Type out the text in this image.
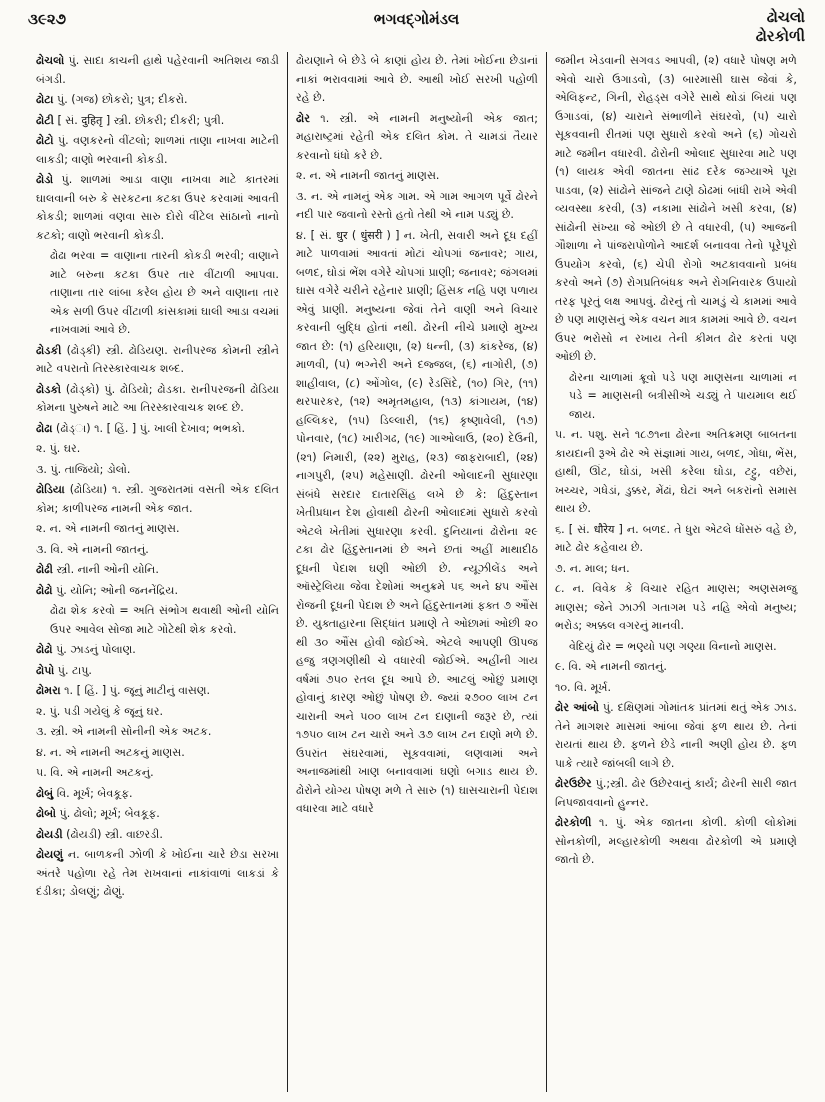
૩૯૨૭	ભગવદ્ગોમંડલ	ઢોચલો
ઢોરકોળી

ઢોચલો પું. સાદા કાચની હાથે પહેરવાની અતિશય જાડી બંગડી.

ઢોટા પું. (ગજ) છોકરો; પુત્ર; દીકરો.

ઢોટી [ સં. दुहितृ ] સ્ત્રી. છોકરી; દીકરી; પુત્રી.

ઢોટો પું. વણકરનો વીંટલો; શાળમાં તાણા નાખવા માટેની લાકડી; વાણો ભરવાની કોકડી.

ઢોડો પું. શાળમાં આડા વાણા નાખવા માટે કાતરમાં ઘાલવાની બરુ કે સરકટના કટકા ઉપર કરવામાં આવતી કોકડી; શાળમાં વણવા સારુ દોરો વીંટેલ સાંઠાનો નાનો કટકો; વાણો ભરવાની કોકડી.

ઢોઢા ભરવા = વાણાના તારની કોકડી ભરવી; વાણાને માટે બરુના કટકા ઉપર તાર વીંટાળી આપવા. તાણાના તાર લાંબા કરેલ હોય છે અને વાણાના તાર એક સળી ઉપર વીંટાળી કાંસકામાં ઘાલી આડા વચમાં નાખવામાં આવે છે.

ઢોડકી (ઢોડ્કી) સ્ત્રી. ઢોડિયણ. રાનીપરજ કોમની સ્ત્રીને માટે વપરાતો તિરસ્કારવાચક શબ્દ.

ઢોડકો (ઢોડ્કો) પું. ઢોડિયો; ઢોડકા. રાનીપરજની ઢોડિયા કોમના પુરુષને માટે આ તિરસ્કારવાચક શબ્દ છે.

ઢોઢા (ઢોડ્ા) ૧. [ હિં. ] પું. ખાલી દેખાવ; ભભકો.

૨. પું. ઘર.

૩. પું. તાજિયો; ડોલો.

ઢોડિયા (ઢોડિયા) ૧. સ્ત્રી. ગુજરાતમાં વસતી એક દલિત કોમ; કાળીપરજ નામની એક જાત.

૨. ન. એ નામની જાતનું માણસ.

૩. વિ. એ નામની જાતનું.

ઢોઢી સ્ત્રી. નાની ઓની યોનિ.

ઢોઢો પું. યોનિ; ઓની જનનેંદ્રિય.

ઢોઢા શેક કરવો = અતિ સંભોગ થવાથી ઓની યોનિ ઉપર આવેલ સોજા માટે ગોટેથી શેક કરવો.

ઢોઢો પું. ઝાડનું પોલાણ.

ઢોપો પું. ટાપુ.

ઢોમરા ૧. [ હિં. ] પું. જૂનું માટીનું વાસણ.

૨. પું. પડી ગયેલું કે જૂનું ઘર.

૩. સ્ત્રી. એ નામની સોનીની એક અટક.

૪. ન. એ નામની અટકનું માણસ.

૫. વિ. એ નામની અટકનું.

ઢોબું વિ. મૂર્ખ; બેવકૂફ.

ઢોબો પું. ઢોલો; મૂર્ખ; બેવકૂફ.

ઢોયડી (ઢોયડી) સ્ત્રી. વાછરડી.

ઢોયણું ન. બાળકની ઝોળી કે ખોઈના ચારે છેડા સરખા અંતરે પહોળા રહે તેમ રાખવાનાં નાકાંવાળાં લાકડાં કે દંડીકા; ડોલણું; ઢોણું.

ઢોયણાને બે છેડે બે કાણાં હોય છે. તેમાં ખોઈના છેડાનાં નાકાં ભરાવવામાં આવે છે. આથી ખોઈ સરખી પહોળી રહે છે.

ઢોર ૧. સ્ત્રી. એ નામની મનુષ્યોની એક જાત; મહારાષ્ટ્રમાં રહેતી એક દલિત કોમ. તે ચામડાં તૈયાર કરવાનો ધંધો કરે છે.

૨. ન. એ નામની જાતનું માણસ.

૩. ન. એ નામનું એક ગામ. એ ગામ આગળ પૂર્વે ઢોરને નદી પાર જવાનો રસ્તો હતો તેથી એ નામ પડ્યું છે.

૪. [ સં. धुर ( धुंसरी ) ] ન. ખેતી, સવારી અને દૂધ દહીં માટે પાળવામાં આવતાં મોટાં ચોપગાં જનાવર; ગાય, બળદ, ઘોડાં ભેંશ વગેરે ચોપગાં પ્રાણી; જનાવર; જંગલમાં ઘાસ વગેરે ચરીને રહેનાર પ્રાણી; હિંસક નહિ પણ પળાય એવું પ્રાણી. મનુષ્યના જેવાં તેને વાણી અને વિચાર કરવાની બુદ્ધિ હોતાં નથી. ઢોરની નીચે પ્રમાણે મુખ્ય જાત છે: (૧) હરિયાણા, (૨) ધન્ની, (૩) કાંકરેજ, (૪) માળવી, (૫) ભગ્નેરી અને દજ્જલ, (૬) નાગોરી, (૭) શાહીવાલ, (૮) ઓંગોલ, (૯) રેડસિંદે, (૧૦) ગિર, (૧૧) થરપારકર, (૧૨) અમૃતમહાલ, (૧૩) કાંગાયમ, (૧૪) હલ્લિકર, (૧૫) ડિલ્લારી, (૧૬) કૃષ્ણાવેલી, (૧૭) પોનવાર, (૧૮) ખારીગઢ, (૧૯) ગાઓલાઉ, (૨૦) દેઉની, (૨૧) નિમારી, (૨૨) મુરાહ, (૨૩) જાફરાબાદી, (૨૪) નાગપુરી, (૨૫) મહેસાણી. ઢોરની ઓલાદની સુધારણા સંબંધે સરદાર દાતારસિંહ લખે છે કે: હિંદુસ્તાન ખેતીપ્રધાન દેશ હોવાથી ઢોરની ઓલાદમાં સુધારો કરવો એટલે ખેતીમાં સુધારણા કરવી. દુનિયાનાં ઢોરોના ૨૯ ટકા ઢોર હિંદુસ્તાનમાં છે અને છતાં અહીં માથાદીઠ દૂધની પેદાશ ઘણી ઓછી છે. ન્યૂઝીલેંડ અને ઑસ્ટ્રેલિયા જેવા દેશોમાં અનુક્રમે ૫૬ અને ૪૫ ઔંસ રોજની દૂધની પેદાશ છે અને હિંદુસ્તાનમાં ફક્ત ૭ ઔંસ છે. યુક્તાહારના સિદ્ધાંત પ્રમાણે તે ઓછામાં ઓછી ૨૦ થી ૩૦ ઔંસ હોવી જોઈએ. એટલે આપણી ઊપજ હજુ ત્રણગણીથી ચે વધારવી જોઈએ. અહીંની ગાય વર્ષમાં ૭૫૦ રતલ દૂધ આપે છે. આટલું ઓછું પ્રમાણ હોવાનું કારણ ઓછું પોષણ છે. જ્યાં ૨૭૦૦ લાખ ટન ચારાની અને ૫૦૦ લાખ ટન દાણાની જરૂર છે, ત્યાં ૧૭૫૦ લાખ ટન ચારો અને ૩૭ લાખ ટન દાણો મળે છે. ઉપરાંત સંઘરવામાં, સૂકવવામાં, લણવામાં અને અનાજમાંથી ખાણ બનાવવામાં ઘણો બગાડ થાય છે. ઢોરોને યોગ્ય પોષણ મળે તે સારુ (૧) ઘાસચારાની પેદાશ વધારવા માટે વધારે

જમીન ખેડવાની સગવડ આપવી, (૨) વધારે પોષણ મળે એવો ચારો ઉગાડવો, (૩) બારમાસી ઘાસ જેવાં કે, એલિફન્ટ, ગિની, રોહડ્સ વગેરે સાથે થોડાં બિયાં પણ ઉગાડવાં, (૪) ચારાને સંભાળીને સંઘરવો, (૫) ચારો સૂકવવાની રીતમાં પણ સુધારો કરવો અને (૬) ગોચરો માટે જમીન વધારવી. ઢોરોની ઓલાદ સુધારવા માટે પણ (૧) લાયક એવી જાતના સાંઢ દરેક જગ્યાએ પૂરા પાડવા, (૨) સાંઢોને સાંજને ટાણે ઠોઢમાં બાંધી રાખે એવી વ્યવસ્થા કરવી, (૩) નકામા સાંઢોને ખસી કરવા, (૪) સાંઢોની સંખ્યા જે ઓછી છે તે વધારવી, (૫) આજની ગૌશાળા ને પાંજરાપોળોને આદર્શ બનાવવા તેનો પૂરેપૂરો ઉપયોગ કરવો, (૬) ચેપી રોગો અટકાવવાનો પ્રબંધ કરવો અને (૭) રોગપ્રતિબંધક અને રોગનિવારક ઉપાયો તરફ પૂરતું લક્ષ આપવું. ઢોરનું તો ચામડું ચે કામમાં આવે છે પણ માણસનું એક વચન માત્ર કામમાં આવે છે. વચન ઉપર ભરોસો ન રખાય તેની કીમત ઢોર કરતાં પણ ઓછી છે.

ઢોરના ચાળામાં ક્રૂવો પડે પણ માણસના ચાળામાં ન પડે = માણસની બત્રીસીએ ચડ્યું તે પાયમાલ થઈ જાય.

૫. ન. પશુ. સને ૧૮૭૧ના ઢોરના અતિક્રમણ બાબતના કાયદાની રૂએ ઢોર એ સંજ્ઞામાં ગાય, બળદ, ગોધા, ભેંસ, હાથી, ઊંટ, ઘોડાં, ખસી કરેલા ઘોડા, ટટ્ટુ, વછેરાં, ખચ્ચર, ગધેડાં, ડુક્કર, મેંઢાં, ઘેટાં અને બકરાંનો સમાસ થાય છે.

૬. [ સં. धौरेय ] ન. બળદ. તે ધુરા એટલે ધોંસરું વહે છે, માટે ઢોર કહેવાય છે.

૭. ન. માલ; ધન.

૮. ન. વિવેક કે વિચાર રહિત માણસ; અણસમજુ માણસ; જેને ઝાઝી ગતાગમ પડે નહિ એવો મનુષ્ય; ભરોડ; અક્કલ વગરનું માનવી.

વેદિયું ઢોર = ભણ્યો પણ ગણ્યા વિનાનો માણસ.

૯. વિ. એ નામની જાતનું.

૧૦. વિ. મૂર્ખ.

ઢોર આંબો પું. દક્ષિણમાં ગોમાંતક પ્રાંતમાં થતું એક ઝાડ. તેને માગશર માસમાં આંબા જેવાં ફળ થાય છે. તેનાં રાયતાં થાય છે. ફળને છેડે નાની અણી હોય છે. ફળ પાકે ત્યારે જાંબલી લાગે છે.

ઢોરઉછેર પું.;સ્ત્રી. ઢોર ઉછેરવાનું કાર્ય; ઢોરની સારી જાત નિપજાવવાનો હુન્નર.

ઢોરકોળી ૧. પું. એક જાતના કોળી. કોળી લોકોમાં સોનકોળી, મલ્હારકોળી અથવા ઢોરકોળી એ પ્રમાણે જાતો છે.
